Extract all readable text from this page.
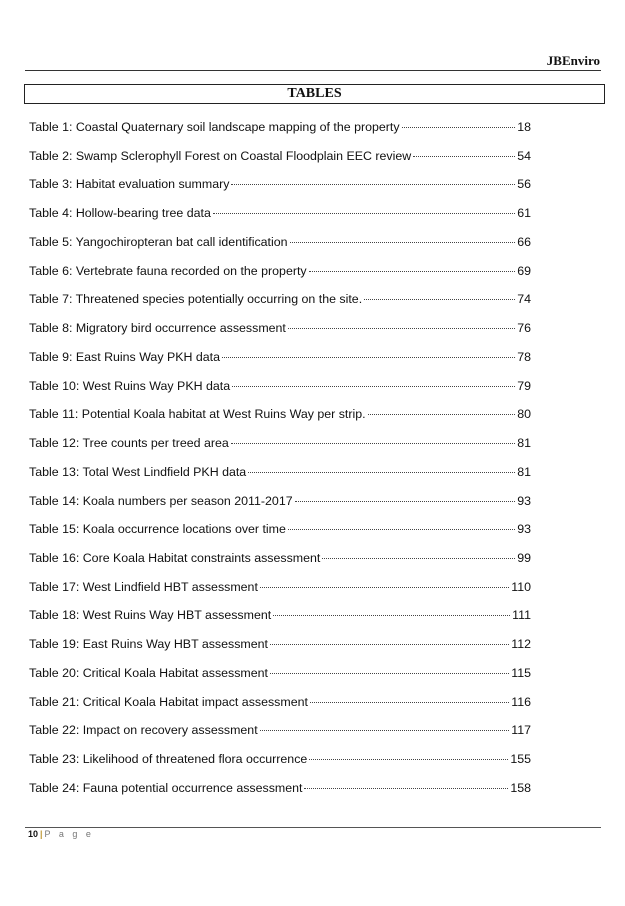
JBEnviro
TABLES
Table 1: Coastal Quaternary soil landscape mapping of the property	18
Table 2: Swamp Sclerophyll Forest on Coastal Floodplain EEC review	54
Table 3: Habitat evaluation summary	56
Table 4: Hollow-bearing tree data	61
Table 5: Yangochiropteran bat call identification	66
Table 6: Vertebrate fauna recorded on the property	69
Table 7: Threatened species potentially occurring on the site.	74
Table 8: Migratory bird occurrence assessment	76
Table 9: East Ruins Way PKH data	78
Table 10: West Ruins Way PKH data	79
Table 11: Potential Koala habitat at West Ruins Way per strip.	80
Table 12: Tree counts per treed area	81
Table 13: Total West Lindfield PKH data	81
Table 14: Koala numbers per season 2011-2017	93
Table 15: Koala occurrence locations over time	93
Table 16: Core Koala Habitat constraints assessment	99
Table 17: West Lindfield HBT assessment	110
Table 18: West Ruins Way HBT assessment	111
Table 19: East Ruins Way HBT assessment	112
Table 20: Critical Koala Habitat assessment	115
Table 21: Critical Koala Habitat impact assessment	116
Table 22: Impact on recovery assessment	117
Table 23: Likelihood of threatened flora occurrence	155
Table 24: Fauna potential occurrence assessment	158
10 | P a g e
